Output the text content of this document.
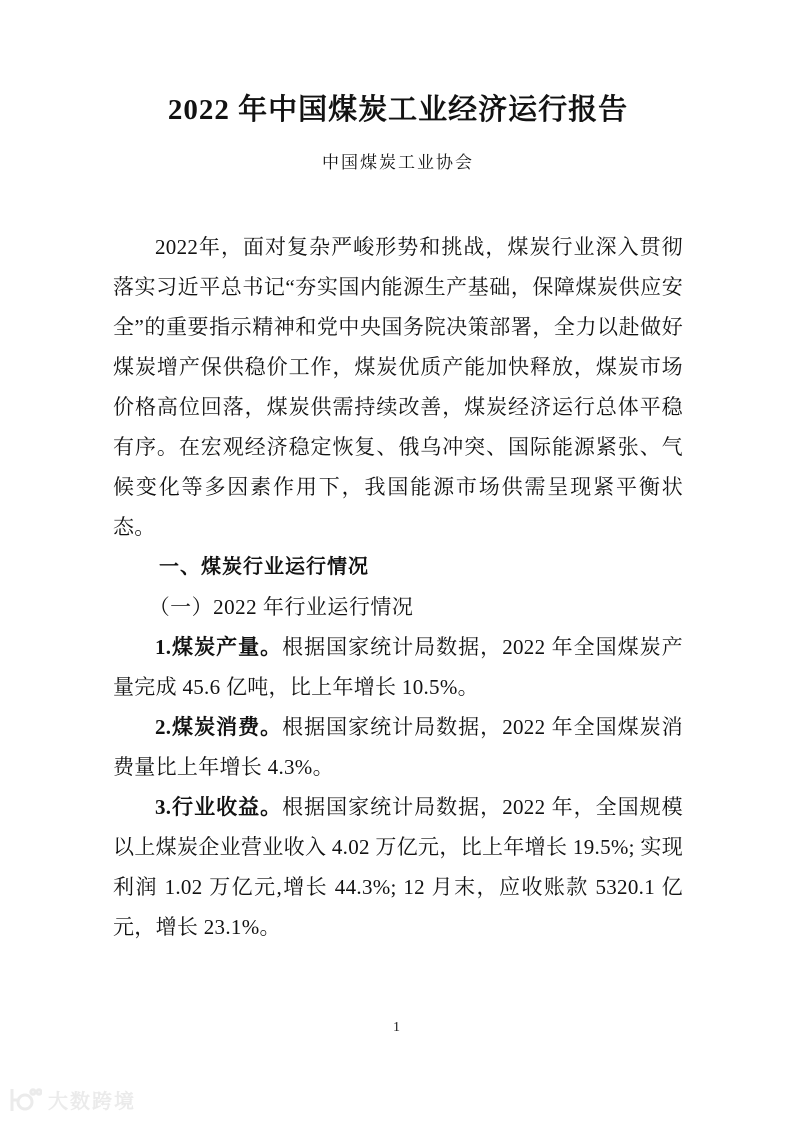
2022 年中国煤炭工业经济运行报告

中国煤炭工业协会

2022年，面对复杂严峻形势和挑战，煤炭行业深入贯彻落实习近平总书记“夯实国内能源生产基础，保障煤炭供应安全”的重要指示精神和党中央国务院决策部署，全力以赴做好煤炭增产保供稳价工作，煤炭优质产能加快释放，煤炭市场价格高位回落，煤炭供需持续改善，煤炭经济运行总体平稳有序。在宏观经济稳定恢复、俄乌冲突、国际能源紧张、气候变化等多因素作用下，我国能源市场供需呈现紧平衡状态。

一、煤炭行业运行情况
（一）2022 年行业运行情况

1.煤炭产量。根据国家统计局数据，2022 年全国煤炭产量完成 45.6 亿吨，比上年增长 10.5%。

2.煤炭消费。根据国家统计局数据，2022 年全国煤炭消费量比上年增长 4.3%。

3.行业收益。根据国家统计局数据，2022 年，全国规模以上煤炭企业营业收入 4.02 万亿元，比上年增长 19.5%; 实现利润 1.02 万亿元,增长 44.3%; 12 月末，应收账款 5320.1 亿元，增长 23.1%。

1
大数跨境
